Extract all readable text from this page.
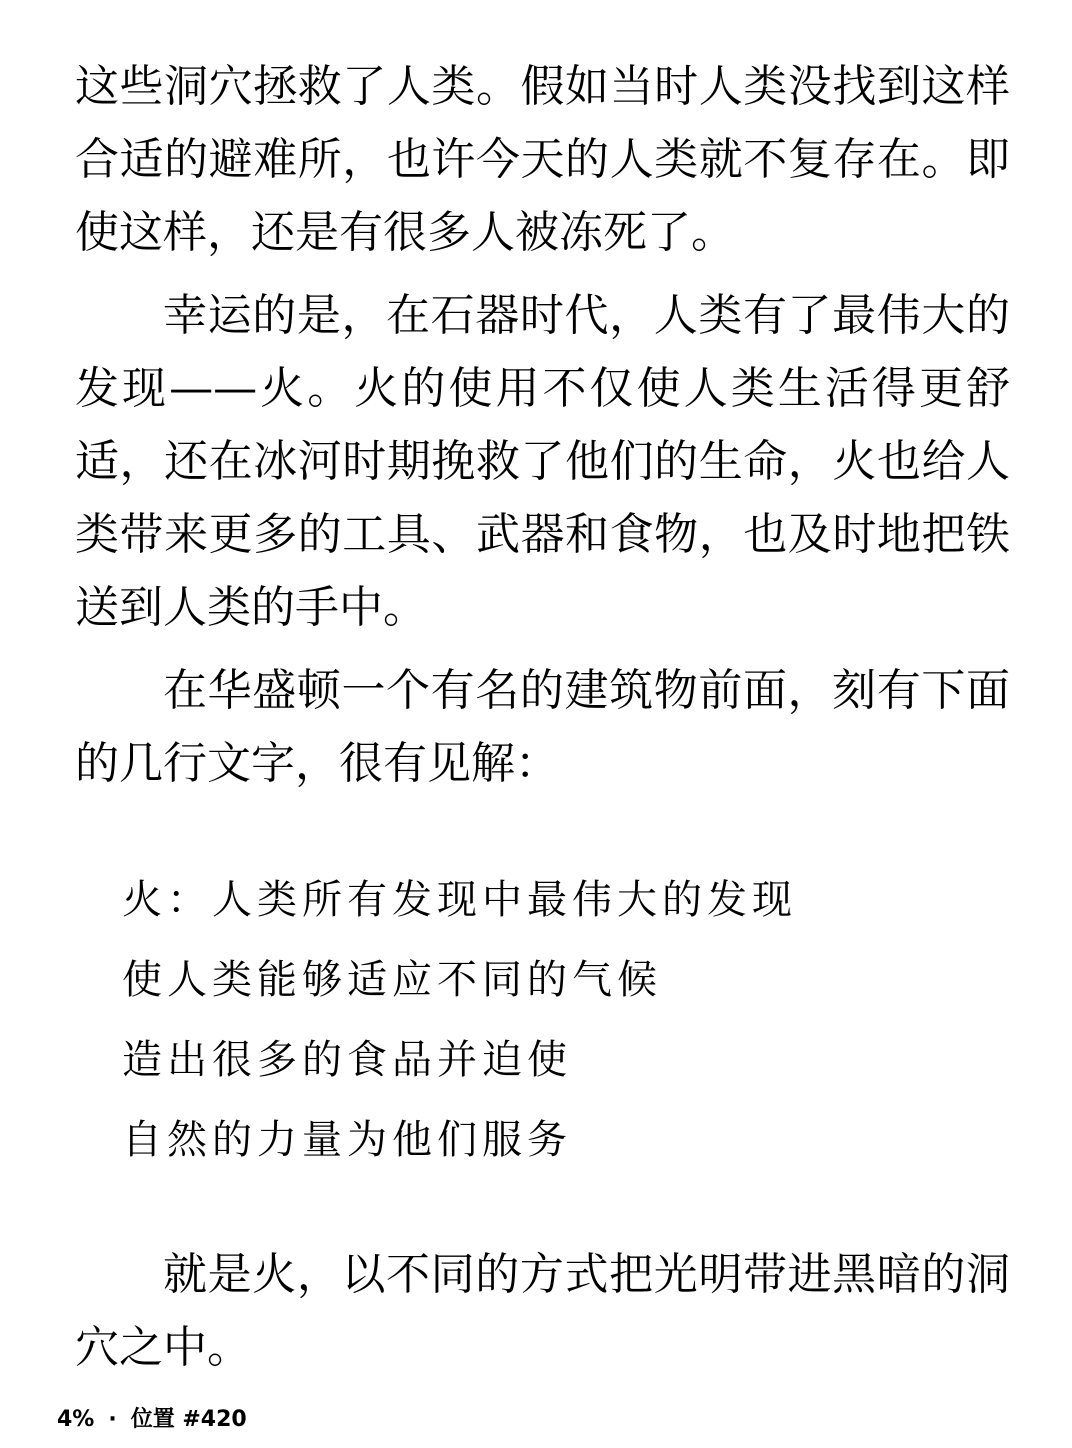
这些洞穴拯救了人类。假如当时人类没找到这样合适的避难所，也许今天的人类就不复存在。即使这样，还是有很多人被冻死了。

幸运的是，在石器时代，人类有了最伟大的发现——火。火的使用不仅使人类生活得更舒适，还在冰河时期挽救了他们的生命，火也给人类带来更多的工具、武器和食物，也及时地把铁送到人类的手中。

在华盛顿一个有名的建筑物前面，刻有下面的几行文字，很有见解：

火：人类所有发现中最伟大的发现

使人类能够适应不同的气候

造出很多的食品并迫使

自然的力量为他们服务

就是火，以不同的方式把光明带进黑暗的洞穴之中。

4% · 位置 #420
